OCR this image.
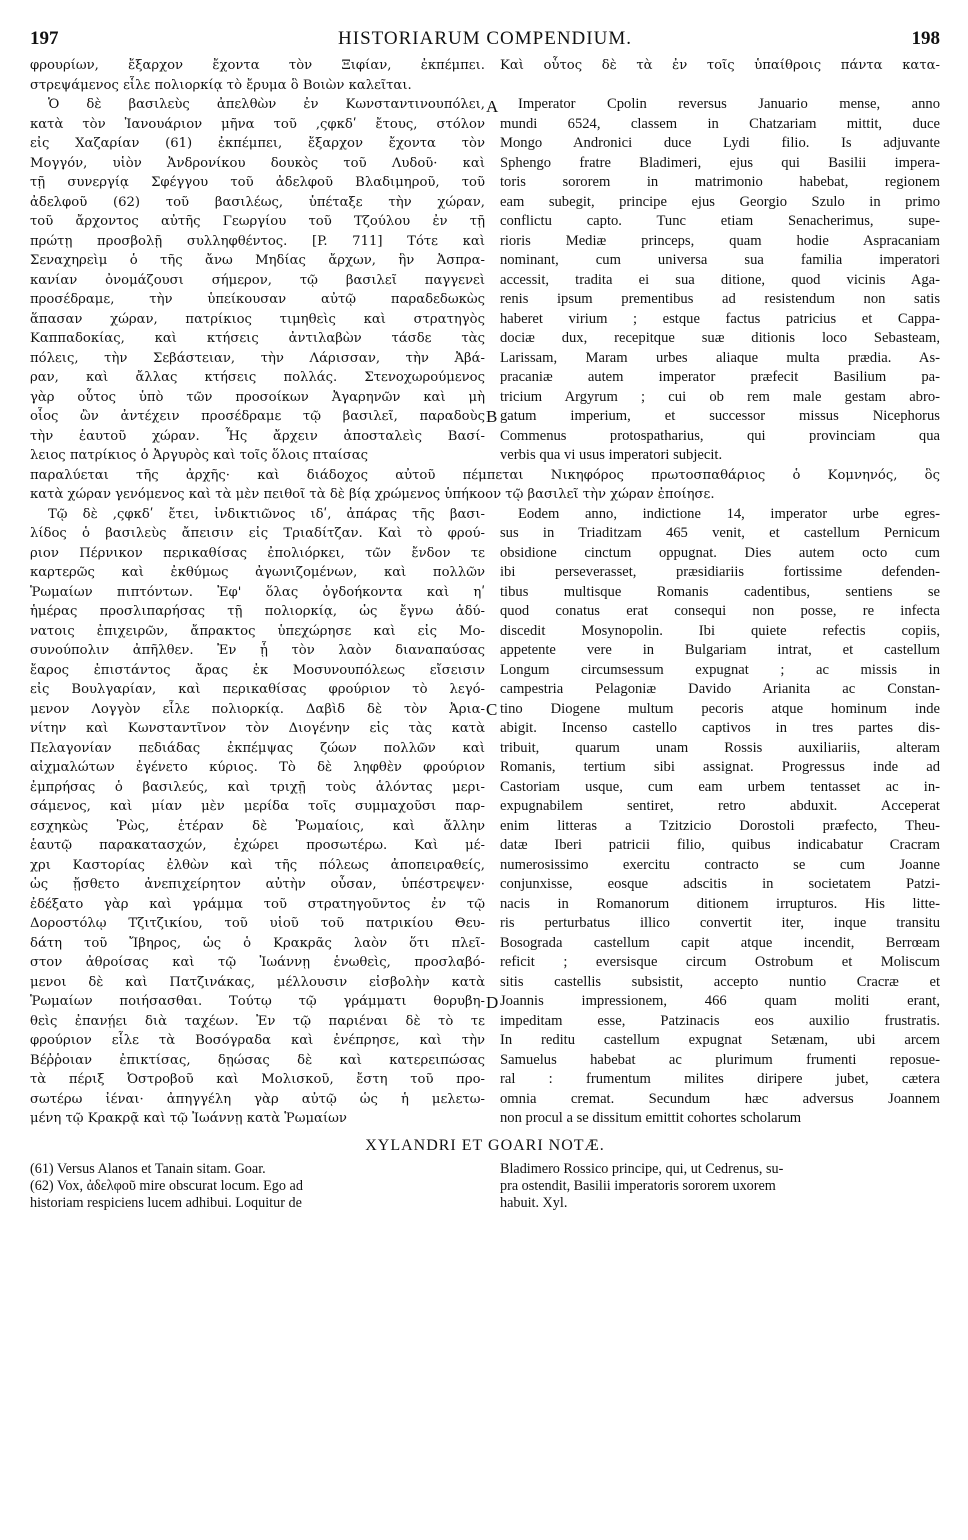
197	HISTORIARUM COMPENDIUM.	198
φρουρίων, ἔξαρχον ἔχοντα τὸν Ξιφίαν, ἐκπέμπει.
στρεψάμενος εἷλε πολιορκίᾳ τὸ ἔρυμα ὃ Βοιὼν καλεῖται.
Καὶ οὗτος δὲ τὰ ἐν τοῖς ὑπαίθροις πάντα κατα-
Ὁ δὲ βασιλεὺς ἀπελθὼν ἐν Κωνσταντινουπόλει,
κατὰ τὸν Ἰανουάριον μῆνα τοῦ ,ςφκδʹ ἔτους, στόλον
εἰς Χαζαρίαν (61) ἐκπέμπει, ἔξαρχον ἔχοντα τὸν
Μογγόν, υἱὸν Ἀνδρονίκου δουκὸς τοῦ Λυδοῦ· καὶ
τῇ συνεργίᾳ Σφέγγου τοῦ ἀδελφοῦ Βλαδιμηροῦ, τοῦ
ἀδελφοῦ (62) τοῦ βασιλέως, ὑπέταξε τὴν χώραν,
τοῦ ἄρχοντος αὐτῆς Γεωργίου τοῦ Τζούλου ἐν τῇ
πρώτῃ προσβολῇ συλληφθέντος. [P. 711] Τότε καὶ
Σεναχηρεὶμ ὁ τῆς ἄνω Μηδίας ἄρχων, ἣν Ἀσπρα-
κανίαν ὀνομάζουσι σήμερον, τῷ βασιλεῖ παγγενεὶ
προσέδραμε, τὴν ὑπείκουσαν αὐτῷ παραδεδωκὼς
ἅπασαν χώραν, πατρίκιος τιμηθεὶς καὶ στρατηγὸς
Καππαδοκίας, καὶ κτήσεις ἀντιλαβὼν τάσδε τὰς
πόλεις, τὴν Σεβάστειαν, τὴν Λάρισσαν, τὴν Ἀβά-
ραν, καὶ ἄλλας κτήσεις πολλάς. Στενοχωρούμενος
γὰρ οὗτος ὑπὸ τῶν προσοίκων Ἀγαρηνῶν καὶ μὴ
οἷος ὢν ἀντέχειν προσέδραμε τῷ βασιλεῖ, παραδοὺς
τὴν ἑαυτοῦ χώραν. Ἧς ἄρχειν ἀποσταλεὶς Βασί-
λειος πατρίκιος ὁ Ἀργυρὸς καὶ τοῖς ὅλοις πταίσας
Imperator Cpolin reversus Januario mense, anno
mundi 6524, classem in Chatzariam mittit, duce
Mongo Andronici duce Lydi filio. Is adjuvante
Sphengo fratre Bladimeri, ejus qui Basilii impera-
toris sororem in matrimonio habebat, regionem
eam subegit, principe ejus Georgio Szulo in primo
conflictu capto. Tunc etiam Senacherimus, supe-
rioris Mediæ princeps, quam hodie Aspracaniam
nominant, cum universa sua familia imperatori
accessit, tradita ei sua ditione, quod vicinis Aga-
renis ipsum prementibus ad resistendum non satis
haberet virium ; estque factus patricius et Cappa-
dociæ dux, recepitque suæ ditionis loco Sebasteam,
Larissam, Maram urbes aliaque multa prædia. As-
pracaniæ autem imperator præfecit Basilium pa-
tricium Argyrum ; cui ob rem male gestam abro-
gatum imperium, et successor missus Nicephorus
Commenus protospatharius, qui provinciam qua
verbis qua vi usus imperatori subjecit.
A
B
παραλύεται τῆς ἀρχῆς· καὶ διάδοχος αὐτοῦ πέμπεται Νικηφόρος πρωτοσπαθάριος ὁ Κομνηνός, ὃς
κατὰ χώραν γενόμενος καὶ τὰ μὲν πειθοῖ τὰ δὲ βίᾳ χρώμενος ὑπήκοον τῷ βασιλεῖ τὴν χώραν ἐποίησε.
Τῷ δὲ ,ςφκδʹ ἔτει, ἰνδικτιῶνος ιδʹ, ἀπάρας τῆς βασι-
λίδος ὁ βασιλεὺς ἄπεισιν εἰς Τριαδίτζαν. Καὶ τὸ φρού-
ριον Πέρνικον περικαθίσας ἐπολιόρκει, τῶν ἔνδον τε
καρτερῶς καὶ ἐκθύμως ἀγωνιζομένων, καὶ πολλῶν
Ῥωμαίων πιπτόντων. Ἐφ' ὅλας ὀγδοήκοντα καὶ ηʹ
ἡμέρας προσλιπαρήσας τῇ πολιορκίᾳ, ὡς ἔγνω ἀδύ-
νατοις ἐπιχειρῶν, ἄπρακτος ὑπεχώρησε καὶ εἰς Μο-
συνούπολιν ἀπῆλθεν. Ἐν ᾗ τὸν λαὸν διαναπαύσας
ἔαρος ἐπιστάντος ἄρας ἐκ Μοσυνουπόλεως εἴσεισιν
εἰς Βουλγαρίαν, καὶ περικαθίσας φρούριον τὸ λεγό-
μενον Λογγὸν εἷλε πολιορκίᾳ. Δαβὶδ δὲ τὸν Ἀρια-
νίτην καὶ Κωνσταντῖνον τὸν Διογένην εἰς τὰς κατὰ
Πελαγονίαν πεδιάδας ἐκπέμψας ζώων πολλῶν καὶ
αἰχμαλώτων ἐγένετο κύριος. Τὸ δὲ ληφθὲν φρούριον
ἐμπρήσας ὁ βασιλεύς, καὶ τριχῇ τοὺς ἁλόντας μερι-
σάμενος, καὶ μίαν μὲν μερίδα τοῖς συμμαχοῦσι παρ-
εσχηκὼς Ῥὼς, ἑτέραν δὲ Ῥωμαίοις, καὶ ἄλλην
ἑαυτῷ παρακατασχών, ἐχώρει προσωτέρω. Καὶ μέ-
χρι Καστορίας ἐλθὼν καὶ τῆς πόλεως ἀποπειραθείς,
ὡς ᾔσθετο ἀνεπιχείρητον αὐτὴν οὖσαν, ὑπέστρεψεν·
ἐδέξατο γὰρ καὶ γράμμα τοῦ στρατηγοῦντος ἐν τῷ
Δοροστόλῳ Τζιτζικίου, τοῦ υἱοῦ τοῦ πατρικίου Θευ-
δάτη τοῦ Ἴβηρος, ὡς ὁ Κρακρᾶς λαὸν ὅτι πλεῖ-
στον ἀθροίσας καὶ τῷ Ἰωάννῃ ἑνωθεὶς, προσλαβό-
μενοι δὲ καὶ Πατζινάκας, μέλλουσιν εἰσβολὴν κατὰ
Ῥωμαίων ποιήσασθαι. Τούτῳ τῷ γράμματι θορυβη-
θεὶς ἐπανῄει διὰ ταχέων. Ἐν τῷ παριέναι δὲ τὸ τε
φρούριον εἷλε τὰ Βοσόγραδα καὶ ἐνέπρησε, καὶ τὴν
Βέῤῥοιαν ἐπικτίσας, δῃώσας δὲ καὶ κατερειπώσας
τὰ πέριξ Ὀστροβοῦ καὶ Μολισκοῦ, ἔστη τοῦ προ-
σωτέρω ἰέναι· ἀπηγγέλη γὰρ αὐτῷ ὡς ἡ μελετω-
μένη τῷ Κρακρᾷ καὶ τῷ Ἰωάννῃ κατὰ Ῥωμαίων
Eodem anno, indictione 14, imperator urbe egres-
sus in Triaditzam 465 venit, et castellum Pernicum
obsidione cinctum oppugnat. Dies autem octo cum
ibi perseverasset, præsidiariis fortissime defenden-
tibus multisque Romanis cadentibus, sentiens se
quod conatus erat consequi non posse, re infecta
discedit Mosynopolin. Ibi quiete refectis copiis,
appetente vere in Bulgariam intrat, et castellum
Longum circumsessum expugnat ; ac missis in
campestria Pelagoniæ Davido Arianita ac Constan-
tino Diogene multum pecoris atque hominum inde
abigit. Incenso castello captivos in tres partes dis-
tribuit, quarum unam Rossis auxiliariis, alteram
Romanis, tertium sibi assignat. Progressus inde ad
Castoriam usque, cum eam urbem tentasset ac in-
expugnabilem sentiret, retro abduxit. Acceperat
enim litteras a Tzitzicio Dorostoli præfecto, Theu-
datæ Iberi patricii filio, quibus indicabatur Cracram
numerosissimo exercitu contracto se cum Joanne
conjunxisse, eosque adscitis in societatem Patzi-
nacis in Romanorum ditionem irrupturos. His litte-
ris perturbatus illico convertit iter, inque transitu
Bosograda castellum capit atque incendit, Berrœam
reficit ; eversisque circum Ostrobum et Moliscum
sitis castellis subsistit, accepto nuntio Cracræ et
Joannis impressionem, 466 quam moliti erant,
impeditam esse, Patzinacis eos auxilio frustratis.
In reditu castellum expugnat Setænam, ubi arcem
Samuelus habebat ac plurimum frumenti reposue-
ral : frumentum milites diripere jubet, cætera
omnia cremat. Secundum hæc adversus Joannem
non procul a se dissitum emittit cohortes scholarum
C
D
XYLANDRI ET GOARI NOTÆ.
(61) Versus Alanos et Tanain sitam. Goar.
(62) Vox, ἀδελφοῦ mire obscurat locum. Ego ad
historiam respiciens lucem adhibui. Loquitur de
Bladimero Rossico principe, qui, ut Cedrenus, su-
pra ostendit, Basilii imperatoris sororem uxorem
habuit. Xyl.
